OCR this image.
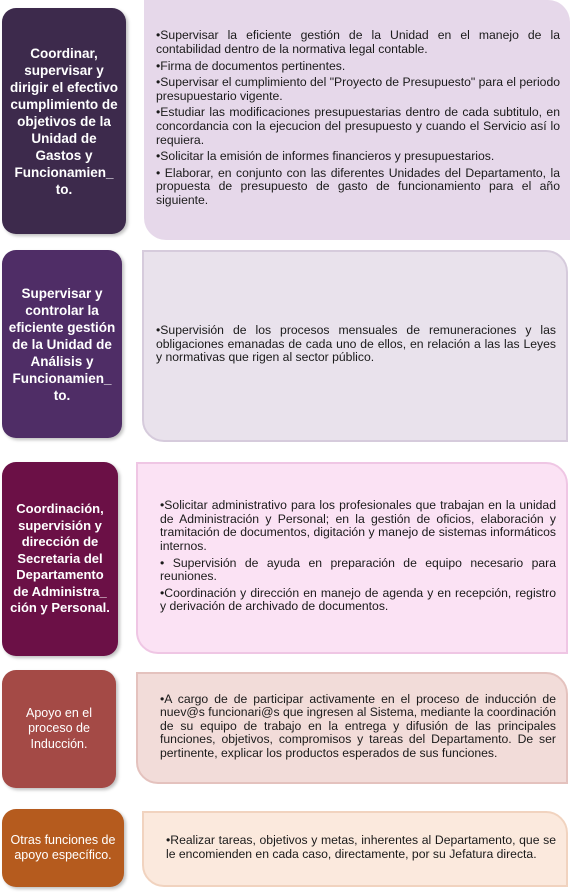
Coordinar, supervisar y dirigir el efectivo cumplimiento de objetivos de la Unidad de Gastos y Funcionamien_ to.
• Supervisar la eficiente gestión de la Unidad en el manejo de la contabilidad dentro de la normativa legal contable.
• Firma de documentos pertinentes.
• Supervisar el cumplimiento del "Proyecto de Presupuesto" para el periodo presupuestario vigente.
• Estudiar las modificaciones presupuestarias dentro de cada subtitulo, en concordancia con la ejecucion del presupuesto y cuando el Servicio así lo requiera.
• Solicitar la emisión de informes financieros y presupuestarios.
• Elaborar, en conjunto con las diferentes Unidades del Departamento, la propuesta de presupuesto de gasto de funcionamiento para el año siguiente.
Supervisar y controlar la eficiente gestión de la Unidad de Análisis y Funcionamien_ to.
• Supervisión de los procesos mensuales de remuneraciones y las obligaciones emanadas de cada uno de ellos, en relación a las las Leyes y normativas que rigen al sector público.
Coordinación, supervisión y dirección de Secretaria del Departamento de Administra_ ción y Personal.
• Solicitar administrativo para los profesionales que trabajan en la unidad de Administración y Personal; en la gestión de oficios, elaboración y tramitación de documentos, digitación y manejo de sistemas informáticos internos.
• Supervisión de ayuda en preparación de equipo necesario para reuniones.
• Coordinación y dirección en manejo de agenda y en recepción, registro y derivación de archivado de documentos.
Apoyo en el proceso de Inducción.
• A cargo de de participar activamente en el proceso de inducción de nuev@s funcionari@s que ingresen al Sistema, mediante la coordinación de su equipo de trabajo en la entrega y difusión de las principales funciones, objetivos, compromisos y tareas del Departamento. De ser pertinente, explicar los productos esperados de sus funciones.
Otras funciones de apoyo específico.
• Realizar tareas, objetivos y metas, inherentes al Departamento, que se le encomienden en cada caso, directamente, por su Jefatura directa.
